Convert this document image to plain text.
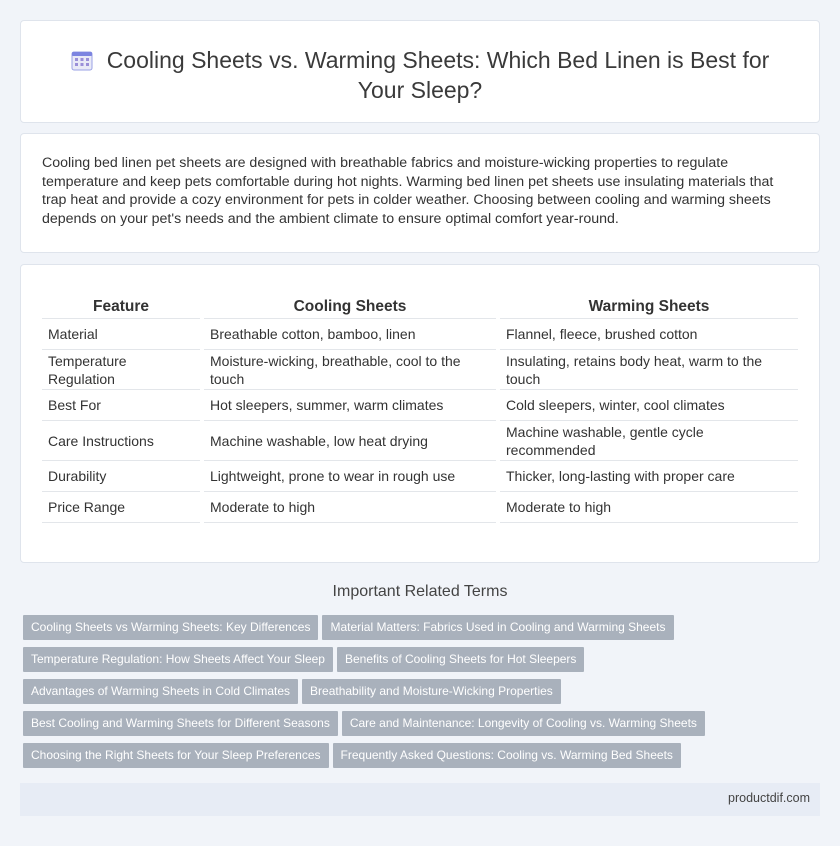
Cooling Sheets vs. Warming Sheets: Which Bed Linen is Best for Your Sleep?

Cooling bed linen pet sheets are designed with breathable fabrics and moisture-wicking properties to regulate temperature and keep pets comfortable during hot nights. Warming bed linen pet sheets use insulating materials that trap heat and provide a cozy environment for pets in colder weather. Choosing between cooling and warming sheets depends on your pet's needs and the ambient climate to ensure optimal comfort year-round.

Feature	Cooling Sheets	Warming Sheets
Material	Breathable cotton, bamboo, linen	Flannel, fleece, brushed cotton
Temperature Regulation	Moisture-wicking, breathable, cool to the touch	Insulating, retains body heat, warm to the touch
Best For	Hot sleepers, summer, warm climates	Cold sleepers, winter, cool climates
Care Instructions	Machine washable, low heat drying	Machine washable, gentle cycle recommended
Durability	Lightweight, prone to wear in rough use	Thicker, long-lasting with proper care
Price Range	Moderate to high	Moderate to high
Important Related Terms
Cooling Sheets vs Warming Sheets: Key Differences Material Matters: Fabrics Used in Cooling and Warming Sheets
Temperature Regulation: How Sheets Affect Your Sleep Benefits of Cooling Sheets for Hot Sleepers
Advantages of Warming Sheets in Cold Climates Breathability and Moisture-Wicking Properties
Best Cooling and Warming Sheets for Different Seasons Care and Maintenance: Longevity of Cooling vs. Warming Sheets
Choosing the Right Sheets for Your Sleep Preferences Frequently Asked Questions: Cooling vs. Warming Bed Sheets
productdif.com
